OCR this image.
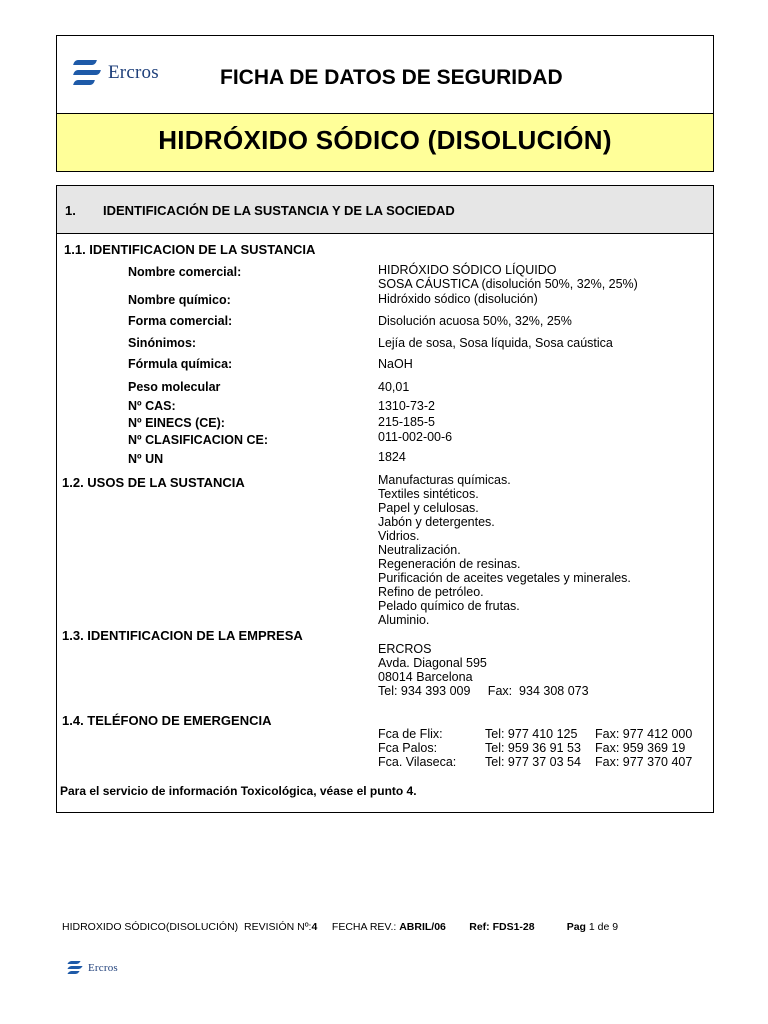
Ercros	FICHA DE DATOS DE SEGURIDAD
HIDRÓXIDO SÓDICO (DISOLUCIÓN)
1. IDENTIFICACIÓN DE LA SUSTANCIA Y DE LA SOCIEDAD
1.1. IDENTIFICACION DE LA SUSTANCIA
Nombre comercial:	HIDRÓXIDO SÓDICO LÍQUIDO
SOSA CÁUSTICA (disolución 50%, 32%, 25%)
Nombre químico:	Hidróxido sódico (disolución)
Forma comercial:	Disolución acuosa 50%, 32%, 25%
Sinónimos:	Lejía de sosa, Sosa líquida, Sosa caústica
Fórmula química:	NaOH
Peso molecular	40,01
Nº CAS:	1310-73-2
Nº EINECS (CE):	215-185-5
Nº CLASIFICACION CE:	011-002-00-6
Nº UN	1824
1.2. USOS DE LA SUSTANCIA	Manufacturas químicas.
Textiles sintéticos.
Papel y celulosas.
Jabón y detergentes.
Vidrios.
Neutralización.
Regeneración de resinas.
Purificación de aceites vegetales y minerales.
Refino de petróleo.
Pelado químico de frutas.
Aluminio.
1.3. IDENTIFICACION DE LA EMPRESA
ERCROS
Avda. Diagonal 595
08014 Barcelona
Tel: 934 393 009     Fax:  934 308 073
1.4. TELÉFONO DE EMERGENCIA
Fca de Flix:	Tel: 977 410 125 Fax: 977 412 000
Fca Palos:	Tel: 959 36 91 53 Fax: 959 369 19
Fca. Vilaseca: Tel: 977 37 03 54 Fax: 977 370 407
Para el servicio de información Toxicológica, véase el punto 4.
HIDROXIDO SÓDICO(DISOLUCIÓN) REVISIÓN Nº:4 FECHA REV.: ABRIL/06 Ref: FDS1-28	Pag 1 de 9
Ercros
